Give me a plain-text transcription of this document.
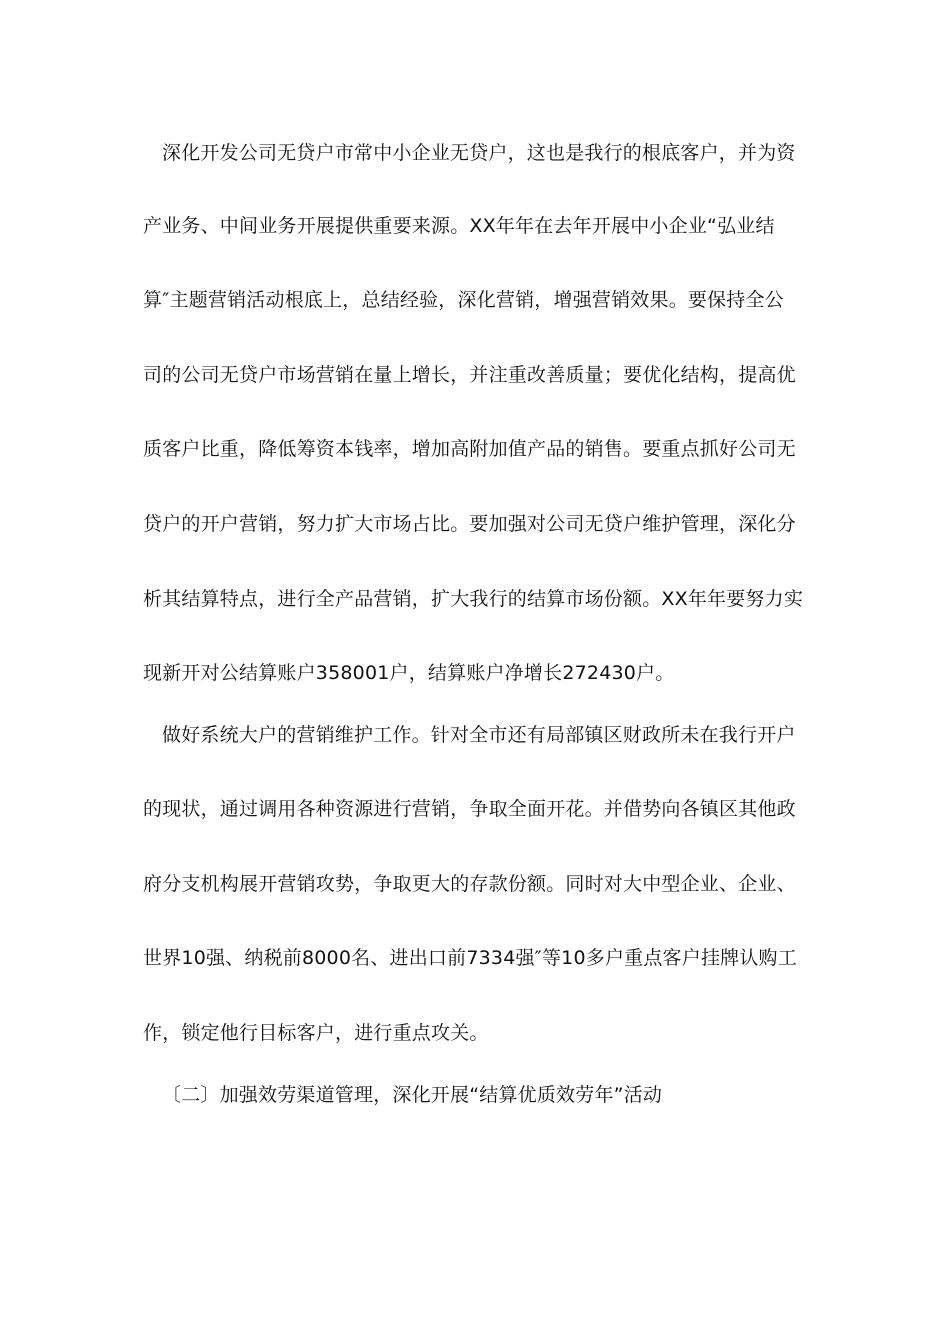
深化开发公司无贷户市常中小企业无贷户，这也是我行的根底客户，并为资
产业务、中间业务开展提供重要来源。XX年年在去年开展中小企业“弘业结
算″主题营销活动根底上，总结经验，深化营销，增强营销效果。要保持全公
司的公司无贷户市场营销在量上增长，并注重改善质量；要优化结构，提高优
质客户比重，降低筹资本钱率，增加高附加值产品的销售。要重点抓好公司无
贷户的开户营销，努力扩大市场占比。要加强对公司无贷户维护管理，深化分
析其结算特点，进行全产品营销，扩大我行的结算市场份额。XX年年要努力实
现新开对公结算账户358001户，结算账户净增长272430户。
做好系统大户的营销维护工作。针对全市还有局部镇区财政所未在我行开户
的现状，通过调用各种资源进行营销，争取全面开花。并借势向各镇区其他政
府分支机构展开营销攻势，争取更大的存款份额。同时对大中型企业、企业、
世界10强、纳税前8000名、进出口前7334强″等10多户重点客户挂牌认购工
作，锁定他行目标客户，进行重点攻关。
〔二〕加强效劳渠道管理，深化开展“结算优质效劳年”活动
